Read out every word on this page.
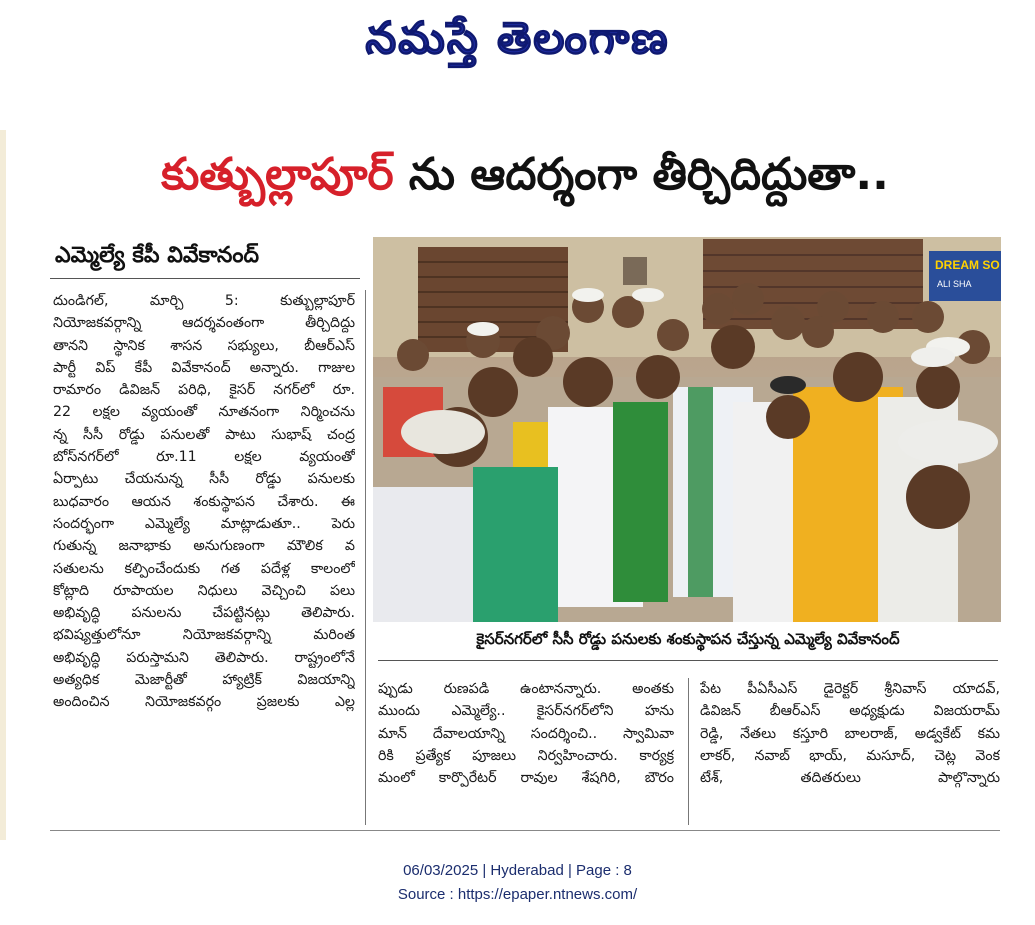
నమస్తే తెలంగాణ
కుత్బుల్లాపూర్ ను ఆదర్శంగా తీర్చిదిద్దుతా..
ఎమ్మెల్యే కేపీ వివేకానంద్
దుండిగల్, మార్చి 5: కుత్బుల్లాపూర్
నియోజకవర్గాన్ని ఆదర్శవంతంగా తీర్చిదిద్దు
తానని స్థానిక శాసన సభ్యులు, బీఆర్ఎస్
పార్టీ విప్ కేపీ వివేకానంద్ అన్నారు. గాజుల
రామారం డివిజన్ పరిధి, కైసర్ నగర్‌లో రూ.
22 లక్షల వ్యయంతో నూతనంగా నిర్మించను
న్న సీసీ రోడ్డు పనులతో పాటు సుభాష్ చంద్ర
బోస్‌నగర్‌లో రూ.11 లక్షల వ్యయంతో
ఏర్పాటు చేయనున్న సీసీ రోడ్డు పనులకు
బుధవారం ఆయన శంకుస్థాపన చేశారు. ఈ
సందర్భంగా ఎమ్మెల్యే మాట్లాడుతూ.. పెరు
గుతున్న జనాభాకు అనుగుణంగా మౌలిక వ
సతులను కల్పించేందుకు గత పదేళ్ల కాలంలో
కోట్లాది రూపాయల నిధులు వెచ్చించి పలు
అభివృద్ధి పనులను చేపట్టినట్లు తెలిపారు.
భవిష్యత్తులోనూ నియోజకవర్గాన్ని మరింత
అభివృద్ధి పరుస్తామని తెలిపారు. రాష్ట్రంలోనే
అత్యధిక మెజార్టీతో హ్యాట్రిక్ విజయాన్ని
అందించిన నియోజకవర్గం ప్రజలకు ఎల్ల
DREAM SO
ALI SHA
కైసర్‌నగర్‌లో సీసీ రోడ్డు పనులకు శంకుస్థాపన చేస్తున్న ఎమ్మెల్యే వివేకానంద్
ప్పుడు రుణపడి ఉంటానన్నారు. అంతకు
ముందు ఎమ్మెల్యే.. కైసర్‌నగర్‌లోని హను
మాన్ దేవాలయాన్ని సందర్శించి.. స్వామివా
రికి ప్రత్యేక పూజలు నిర్వహించారు. కార్యక్ర
మంలో కార్పొరేటర్ రావుల శేషగిరి, బౌరం
పేట పీఏసీఎస్ డైరెక్టర్ శ్రీనివాస్ యాదవ్,
డివిజన్ బీఆర్ఎస్ అధ్యక్షుడు విజయరామ్
రెడ్డి, నేతలు కస్తూరి బాలరాజ్, అడ్వకేట్ కమ
లాకర్, నవాబ్ భాయ్, మసూద్, చెట్ల వెంక
టేశ్, తదితరులు పాల్గొన్నారు
06/03/2025 | Hyderabad | Page : 8
Source : https://epaper.ntnews.com/
